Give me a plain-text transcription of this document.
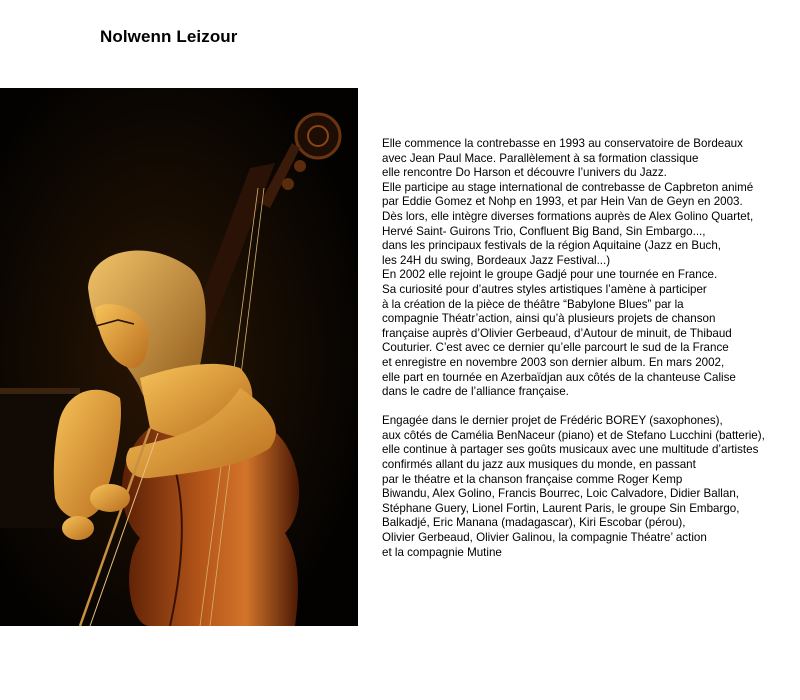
Nolwenn Leizour
Elle commence la contrebasse en 1993 au conservatoire de Bordeaux
avec Jean Paul Mace. Parallèlement à sa formation classique
elle rencontre Do Harson et découvre l’univers du Jazz.
Elle participe au stage international de contrebasse de Capbreton animé
par Eddie Gomez et Nohp en 1993, et par Hein Van de Geyn en 2003.
Dès lors, elle intègre diverses formations auprès de Alex Golino Quartet,
Hervé Saint- Guirons Trio, Confluent Big Band, Sin Embargo...,
dans les principaux festivals de la région Aquitaine (Jazz en Buch,
les 24H du swing, Bordeaux Jazz Festival...)
En 2002 elle rejoint le groupe Gadjé pour une tournée en France.
Sa curiosité pour d’autres styles artistiques l’amène à participer
à la création de la pièce de théâtre “Babylone Blues” par la
compagnie Théatr’action, ainsi qu’à plusieurs projets de chanson
française auprès d’Olivier Gerbeaud, d’Autour de minuit, de Thibaud
Couturier. C’est avec ce dernier qu’elle parcourt le sud de la France
et enregistre en novembre 2003 son dernier album. En mars 2002,
elle part en tournée en Azerbaïdjan aux côtés de la chanteuse Calise
dans le cadre de l’alliance française.
Engagée dans le dernier projet de Frédéric BOREY (saxophones),
aux côtés de Camélia BenNaceur (piano) et de Stefano Lucchini (batterie),
elle continue à partager ses goûts musicaux avec une multitude d’artistes
confirmés allant du jazz aux musiques du monde, en passant
par le théatre et la chanson française comme Roger Kemp
Biwandu, Alex Golino, Francis Bourrec, Loic Calvadore, Didier Ballan,
Stéphane Guery, Lionel Fortin, Laurent Paris, le groupe Sin Embargo,
Balkadjé, Eric Manana (madagascar), Kiri Escobar (pérou),
Olivier Gerbeaud, Olivier Galinou, la compagnie Théatre’ action
et la compagnie Mutine
